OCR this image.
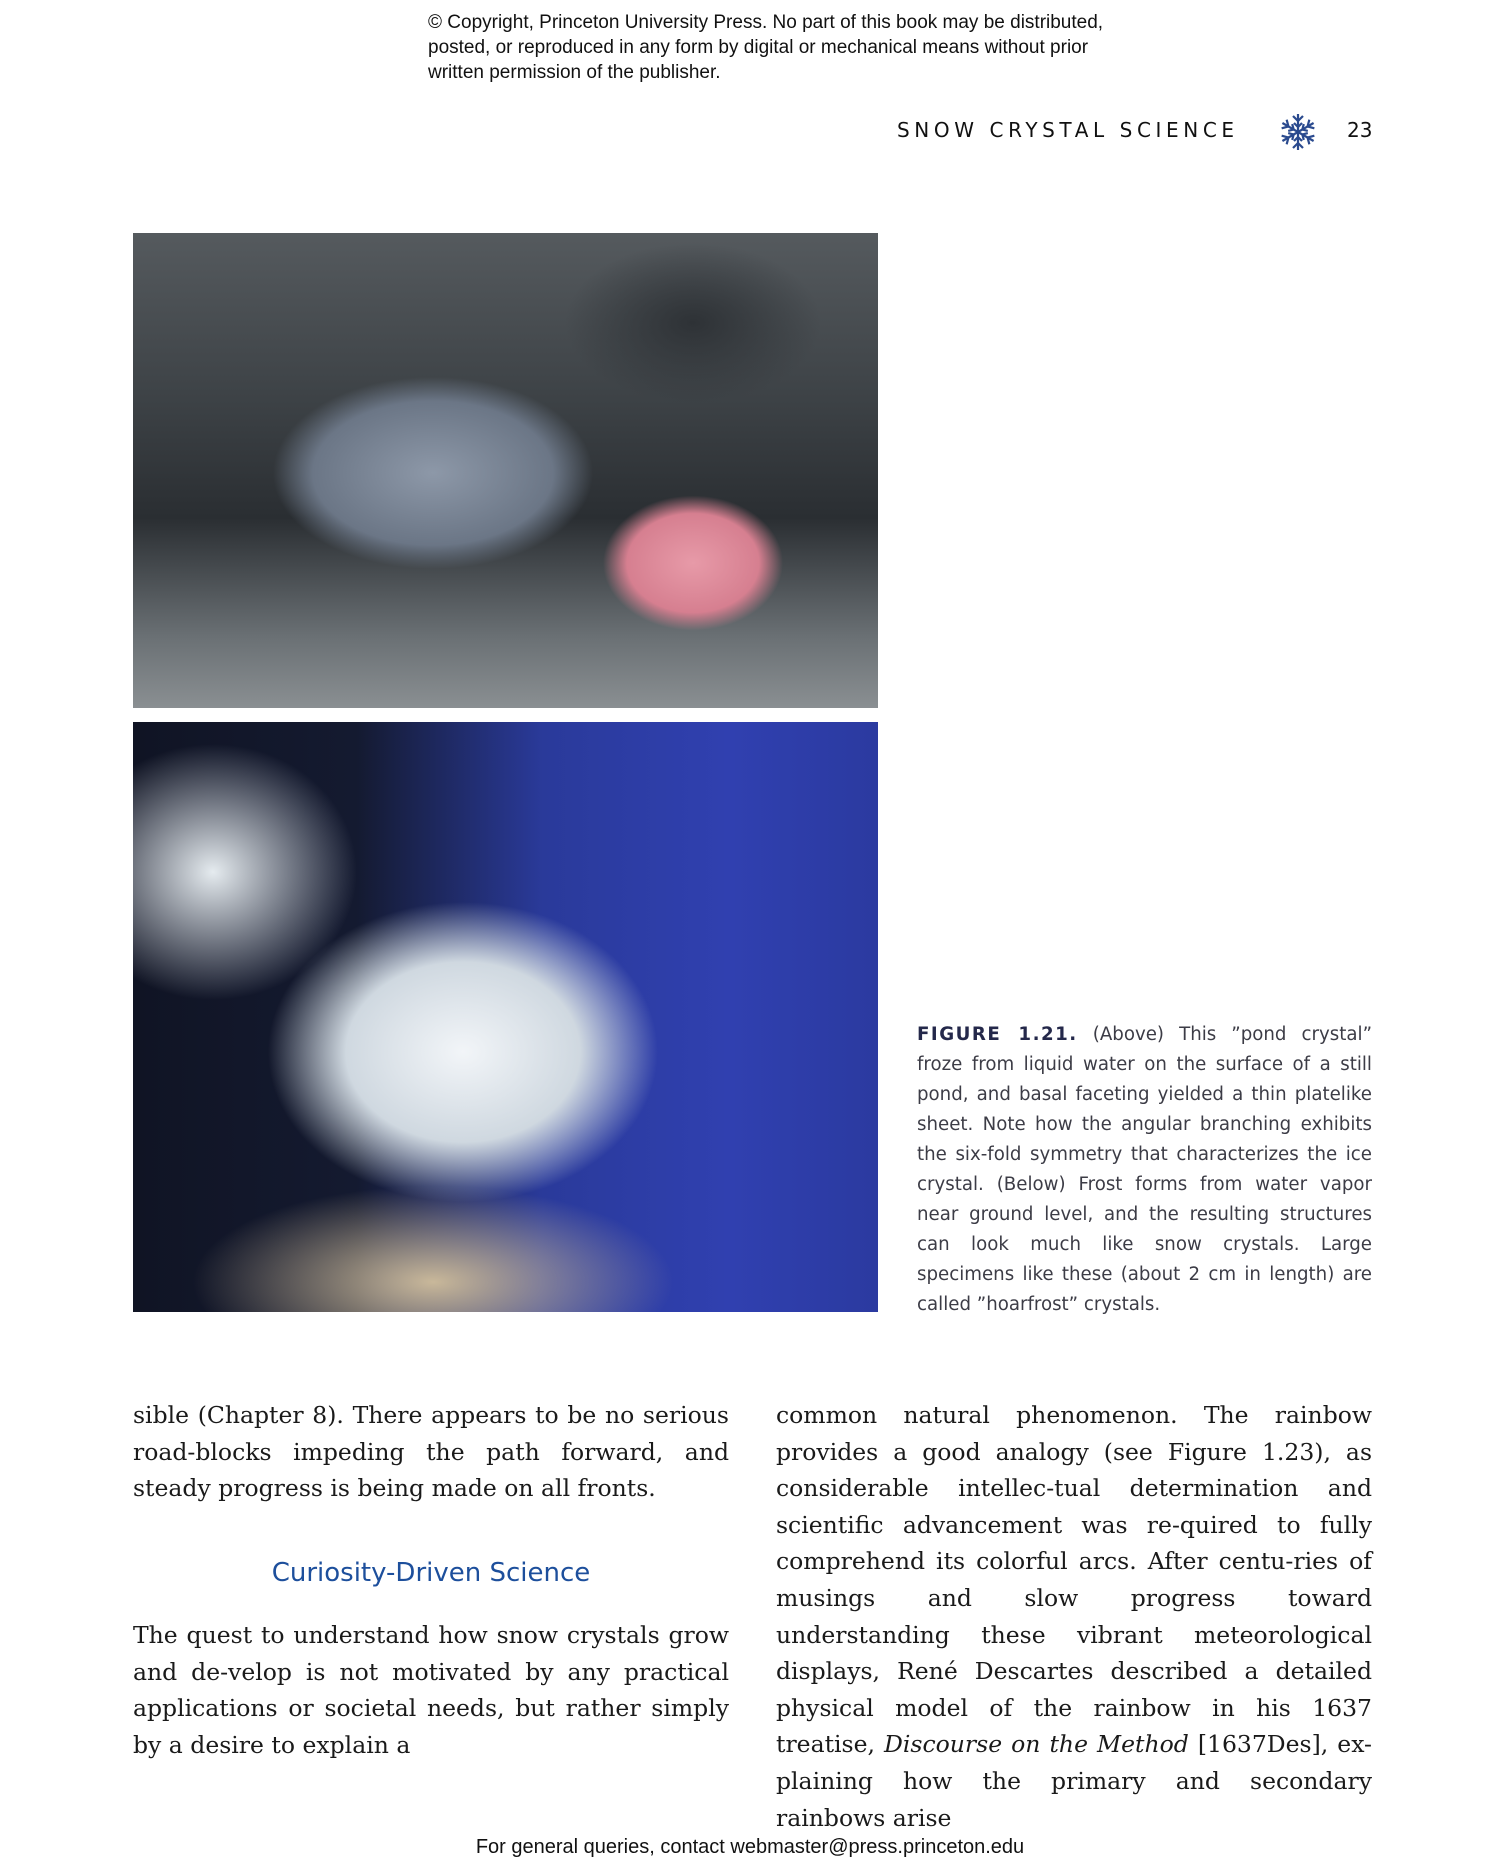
© Copyright, Princeton University Press. No part of this book may be distributed, posted, or reproduced in any form by digital or mechanical means without prior written permission of the publisher.
SNOW CRYSTAL SCIENCE	23
FIGURE 1.21. (Above) This ”pond crystal” froze from liquid water on the surface of a still pond, and basal faceting yielded a thin platelike sheet. Note how the angular branching exhibits the six-fold symmetry that characterizes the ice crystal. (Below) Frost forms from water vapor near ground level, and the resulting structures can look much like snow crystals. Large specimens like these (about 2 cm in length) are called ”hoarfrost” crystals.

sible (Chapter 8). There appears to be no serious road-blocks impeding the path forward, and steady progress is being made on all fronts.

Curiosity-Driven Science

The quest to understand how snow crystals grow and de-velop is not motivated by any practical applications or societal needs, but rather simply by a desire to explain a

common natural phenomenon. The rainbow provides a good analogy (see Figure 1.23), as considerable intellec-tual determination and scientific advancement was re-quired to fully comprehend its colorful arcs. After centu-ries of musings and slow progress toward understanding these vibrant meteorological displays, René Descartes described a detailed physical model of the rainbow in his 1637 treatise, Discourse on the Method [1637Des], ex-plaining how the primary and secondary rainbows arise

For general queries, contact webmaster@press.princeton.edu
